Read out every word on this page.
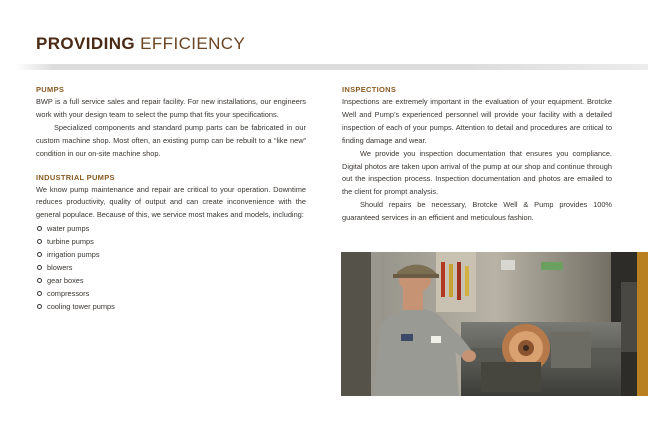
PROVIDING EFFICIENCY
PUMPS

BWP is a full service sales and repair facility. For new installations, our engineers work with your design team to select the pump that fits your specifications.

Specialized components and standard pump parts can be fabricated in our custom machine shop. Most often, an existing pump can be rebuilt to a “like new” condition in our on-site machine shop.

INDUSTRIAL PUMPS

We know pump maintenance and repair are critical to your operation. Downtime reduces productivity, quality of output and can create inconvenience with the general populace. Because of this, we service most makes and models, including:

water pumps
turbine pumps
irrigation pumps
blowers
gear boxes
compressors
cooling tower pumps
INSPECTIONS

Inspections are extremely important in the evaluation of your equipment. Brotcke Well and Pump’s experienced personnel will provide your facility with a detailed inspection of each of your pumps. Attention to detail and procedures are critical to finding damage and wear.

We provide you inspection documentation that ensures you compliance. Digital photos are taken upon arrival of the pump at our shop and continue through out the inspection process. Inspection documentation and photos are emailed to the client for prompt analysis.

Should repairs be necessary, Brotcke Well & Pump provides 100% guaranteed services in an efficient and meticulous fashion.
